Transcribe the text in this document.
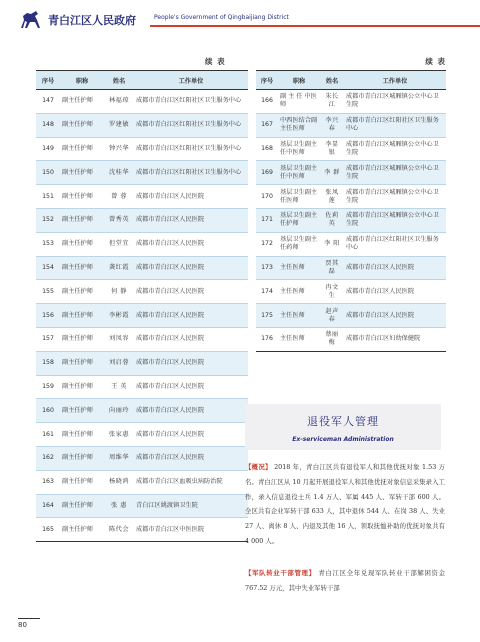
青白江区人民政府	People's Government of Qingbaijiang District
续 表	续 表
序号	职称	姓名	工作单位
147	副主任护师	林福琼	成都市青白江区红阳社区卫生服务中心
148	副主任护师	罗建敏	成都市青白江区红阳社区卫生服务中心
149	副主任护师	钟兴华	成都市青白江区红阳社区卫生服务中心
150	副主任护师	沈桂华	成都市青白江区红阳社区卫生服务中心
151	副主任护师	曾 蓉	成都市青白江区人民医院
152	副主任护师	曾秀英	成都市青白江区人民医院
153	副主任护师	但堂宜	成都市青白江区人民医院
154	副主任护师	龚红霞	成都市青白江区人民医院
155	副主任护师	何 静	成都市青白江区人民医院
156	副主任护师	李彬霞	成都市青白江区人民医院
157	副主任护师	刘凤容	成都市青白江区人民医院
158	副主任护师	刘启蓉	成都市青白江区人民医院
159	副主任护师	王 英	成都市青白江区人民医院
160	副主任护师	向丽玲	成都市青白江区人民医院
161	副主任护师	张家惠	成都市青白江区人民医院
162	副主任护师	周维华	成都市青白江区人民医院
163	副主任护师	杨晓鸿	成都市青白江区血吸虫病防治院
164	副主任护师	张 惠	青白江区姚渡镇卫生院
165	副主任护师	陈代会	成都市青白江区中医医院
序号	职称	姓名	工作单位
166	副 主 任 中医师	朱长江	成都市青白江区城厢镇公立中心卫生院
167	中西医结合副主任医师	李兴春	成都市青白江区红阳社区卫生服务中心
168	基层卫生副主任中医师	李显银	成都市青白江区城厢镇公立中心卫生院
169	基层卫生副主任中医师	李 群	成都市青白江区城厢镇公立中心卫生院
170	基层卫生副主任医师	张凤莲	成都市青白江区城厢镇公立中心卫生院
171	基层卫生副主任护师	佐莉英	成都市青白江区城厢镇公立中心卫生院
172	基层卫生副主任药师	李 阳	成都市青白江区红阳社区卫生服务中心
173	主任医师	贾其磊	成都市青白江区人民医院
174	主任医师	冉文生	成都市青白江区人民医院
175	主任医师	赵声春	成都市青白江区人民医院
176	主任医师	蔡丽梅	成都市青白江区妇幼保健院
退役军人管理
Ex-serviceman Administration

【概况】 2018 年，青白江区共有退役军人和其他优抚对象 1.53 万名。青白江区从 10 月起开展退役军人和其他优抚对象信息采集录入工作，录入信息退役士兵 1.4 万人、军属 445 人、军转干部 600 人。全区共有企业军转干部 633 人，其中退休 544 人、在岗 38 人、失业 27 人、离休 8 人、内退及其他 16 人，领取抚恤补助的优抚对象共有 4 000 人。

【军队转业干部管理】 青白江区全年兑现军队转业干部解困资金 767.52 万元，其中失业军转干部

80
